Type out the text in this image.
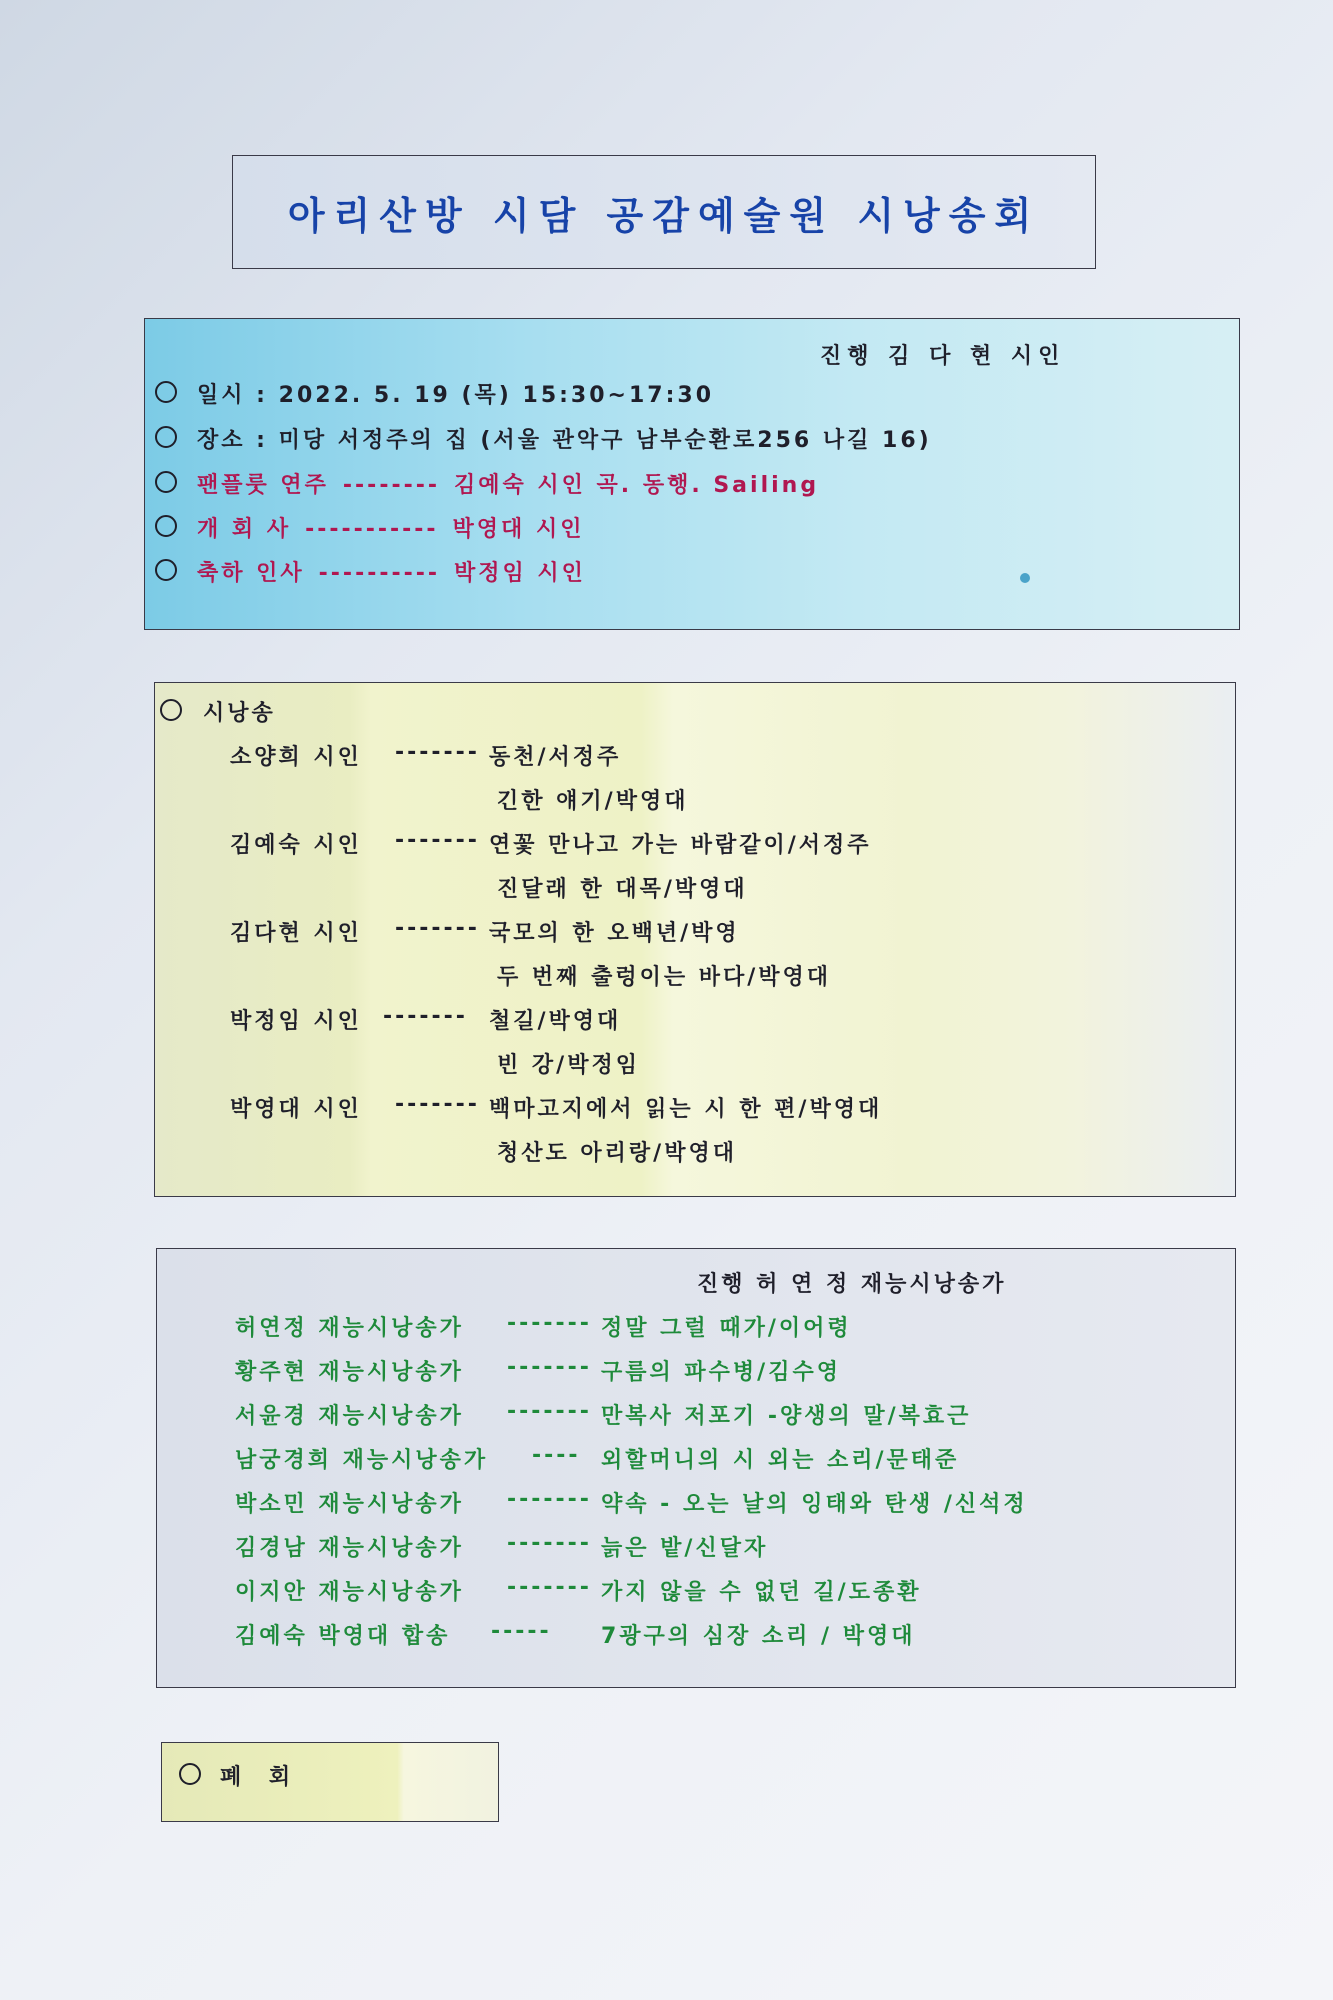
아리산방 시담 공감예술원 시낭송회
진행 김 다 현 시인
일시 : 2022. 5. 19 (목) 15:30~17:30
장소 : 미당 서정주의 집 (서울 관악구 남부순환로256 나길 16)
팬플룻 연주 -------- 김예숙 시인 곡. 동행. Sailing
개 회 사 ----------- 박영대 시인
축하 인사 ---------- 박정임 시인
시낭송
소양희 시인 ------- 동천/서정주
긴한 얘기/박영대
김예숙 시인 ------- 연꽃 만나고 가는 바람같이/서정주
진달래 한 대목/박영대
김다현 시인 ------- 국모의 한 오백년/박영
두 번째 출렁이는 바다/박영대
박정임 시인 ------- 철길/박영대
빈 강/박정임
박영대 시인 ------- 백마고지에서 읽는 시 한 편/박영대
청산도 아리랑/박영대
진행 허 연 정 재능시낭송가
허연정 재능시낭송가 ------- 정말 그럴 때가/이어령
황주현 재능시낭송가 ------- 구름의 파수병/김수영
서윤경 재능시낭송가 ------- 만복사 저포기 -양생의 말/복효근
남궁경희 재능시낭송가 ---- 외할머니의 시 외는 소리/문태준
박소민 재능시낭송가 ------- 약속 - 오는 날의 잉태와 탄생 /신석정
김경남 재능시낭송가 ------- 늙은 밭/신달자
이지안 재능시낭송가 ------- 가지 않을 수 없던 길/도종환
김예숙 박영대 합송 ----- 7광구의 심장 소리 / 박영대
폐 회
